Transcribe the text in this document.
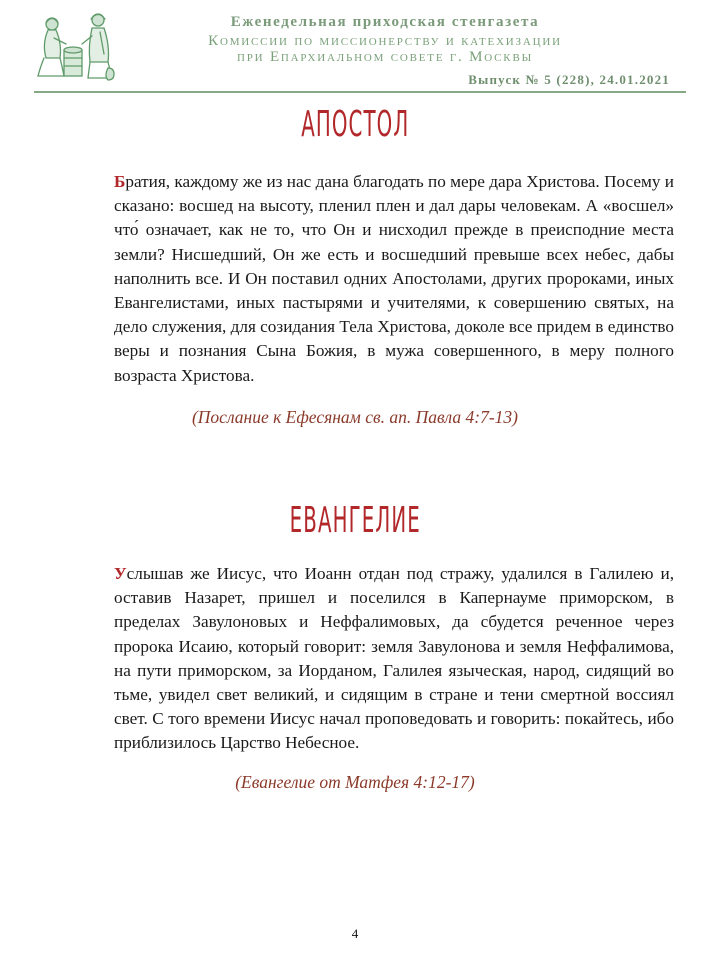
Еженедельная приходская стенгазета
Комиссии по миссионерству и катехизации
при Епархиальном совете г. Москвы
Выпуск № 5 (228), 24.01.2021
АПОСТОЛ
Братия, каждому же из нас дана благодать по мере дара Христова. Посему и сказано: восшед на высоту, пленил плен и дал дары человекам. А «восшел» что́ означает, как не то, что Он и нисходил прежде в преисподние места земли? Нисшедший, Он же есть и восшедший превыше всех небес, дабы наполнить все. И Он поставил одних Апостолами, других пророками, иных Евангелистами, иных пастырями и учителями, к совершению святых, на дело служения, для созидания Тела Христова, доколе все придем в единство веры и познания Сына Божия, в мужа совершенного, в меру полного возраста Христова.
(Послание к Ефесянам св. ап. Павла 4:7-13)
ЕВАНГЕЛИЕ
Услышав же Иисус, что Иоанн отдан под стражу, удалился в Галилею и, оставив Назарет, пришел и поселился в Капернауме приморском, в пределах Завулоновых и Неффалимовых, да сбудется реченное через пророка Исаию, который говорит: земля Завулонова и земля Неффалимова, на пути приморском, за Иорданом, Галилея языческая, народ, сидящий во тьме, увидел свет великий, и сидящим в стране и тени смертной воссиял свет. С того времени Иисус начал проповедовать и говорить: покайтесь, ибо приблизилось Царство Небесное.
(Евангелие от Матфея 4:12-17)
4
